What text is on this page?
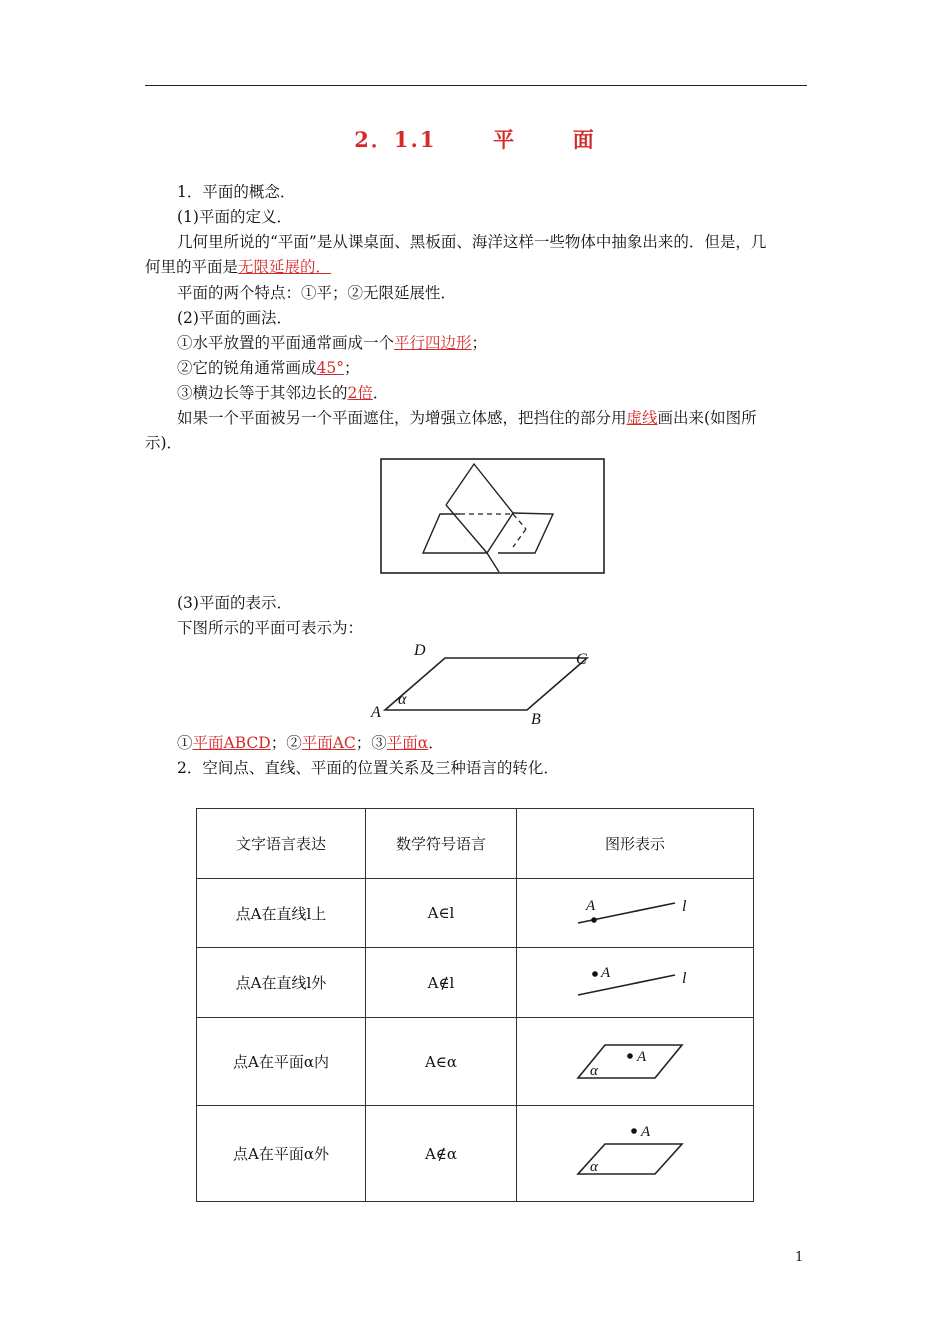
2．1.1	平	面
1．平面的概念．
(1)平面的定义．
几何里所说的“平面”是从课桌面、黑板面、海洋这样一些物体中抽象出来的．但是，几
何里的平面是无限延展的．
平面的两个特点：①平；②无限延展性．
(2)平面的画法．
①水平放置的平面通常画成一个平行四边形；
②它的锐角通常画成45°；
③横边长等于其邻边长的2倍．
如果一个平面被另一个平面遮住，为增强立体感，把挡住的部分用虚线画出来(如图所
示)．
(3)平面的表示．
下图所示的平面可表示为：
A	B
C
D
α
①平面ABCD；②平面AC；③平面α．
2．空间点、直线、平面的位置关系及三种语言的转化．
文字语言表达	数学符号语言	图形表示
点A在直线l上	A∈l	A l

点A在直线l外	A∉l	A l

点A在平面α内	A∈α	A
α

点A在平面α外	A∉α	A
α
1
